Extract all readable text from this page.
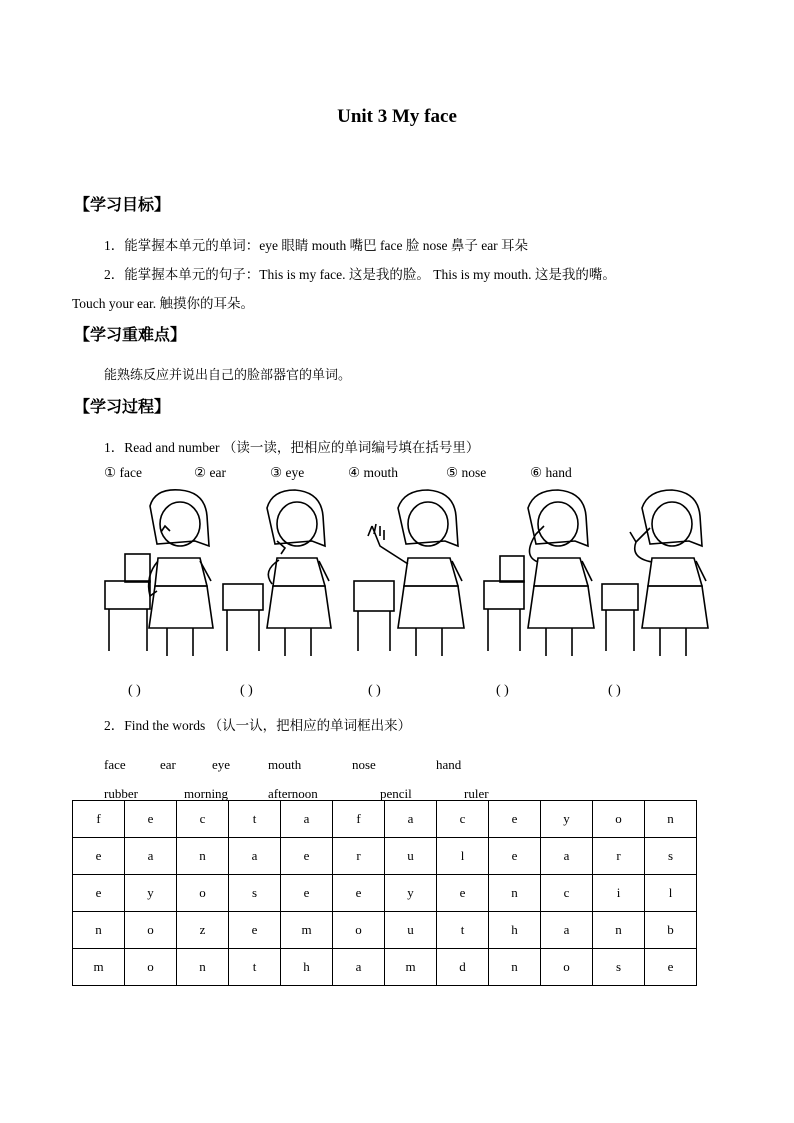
Unit 3 My face
【学习目标】
1．能掌握本单元的单词：eye 眼睛 mouth 嘴巴 face 脸 nose 鼻子 ear 耳朵
2．能掌握本单元的句子：This is my face. 这是我的脸。 This is my mouth. 这是我的嘴。
Touch your ear. 触摸你的耳朵。
【学习重难点】
能熟练反应并说出自己的脸部器官的单词。
【学习过程】
1．Read and number （读一读，把相应的单词编号填在括号里）
① face	② ear	③ eye	④ mouth	⑤ nose	⑥ hand
( )	( )	( )	( )	( )
2．Find the words （认一认，把相应的单词框出来）
face	ear	eye	mouth	nose	hand
rubber	morning	afternoon	pencil	ruler
f	e	c	t	a	f	a	c	e	y	o	n
e	a	n	a	e	r	u	l	e	a	r	s
e	y	o	s	e	e	y	e	n	c	i	l
n	o	z	e	m	o	u	t	h	a	n	b
m	o	n	t	h	a	m	d	n	o	s	e
